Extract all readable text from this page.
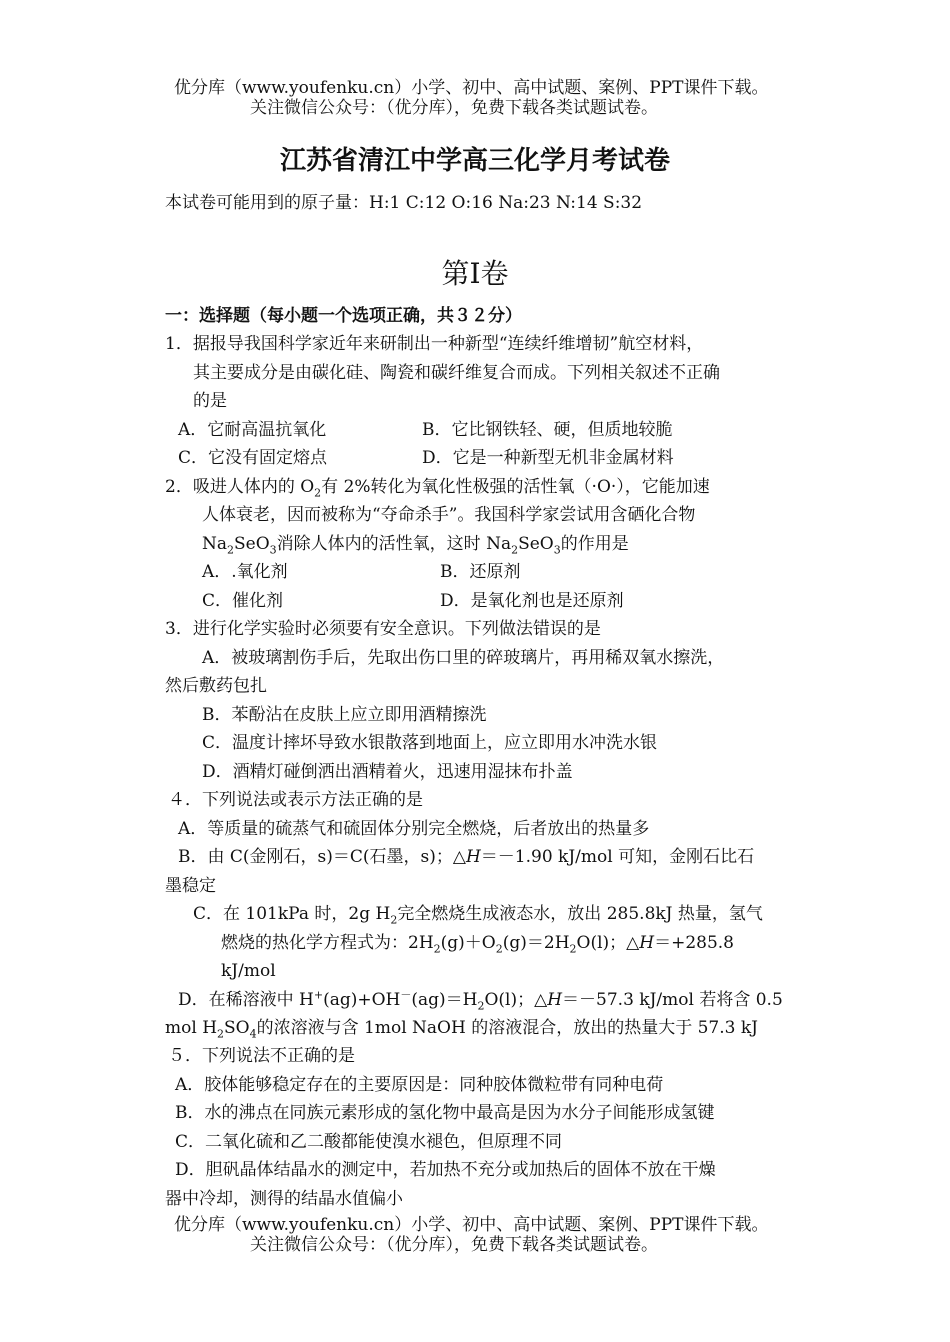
优分库（www.youfenku.cn）小学、初中、高中试题、案例、PPT课件下载。
关注微信公众号：（优分库），免费下载各类试题试卷。
江苏省清江中学高三化学月考试卷
本试卷可能用到的原子量：H:1 C:12 O:16 Na:23 N:14 S:32
第Ⅰ卷
一：选择题（每小题一个选项正确，共３２分）
1．据报导我国科学家近年来研制出一种新型“连续纤维增韧”航空材料，
其主要成分是由碳化硅、陶瓷和碳纤维复合而成。下列相关叙述不正确
的是
A．它耐高温抗氧化	B．它比钢铁轻、硬，但质地较脆
C．它没有固定熔点	D．它是一种新型无机非金属材料
2．吸进人体内的 $O_2$有 2%转化为氧化性极强的活性氧（·O·），它能加速
人体衰老，因而被称为“夺命杀手”。我国科学家尝试用含硒化合物
$Na_2SeO_3$消除人体内的活性氧，这时 $Na_2SeO_3$的作用是
A．.氧化剂	B．还原剂
C．催化剂	D．是氧化剂也是还原剂
3．进行化学实验时必须要有安全意识。下列做法错误的是
A．被玻璃割伤手后，先取出伤口里的碎玻璃片，再用稀双氧水擦洗，
然后敷药包扎
B．苯酚沾在皮肤上应立即用酒精擦洗
C．温度计摔坏导致水银散落到地面上，应立即用水冲洗水银
D．酒精灯碰倒洒出酒精着火，迅速用湿抹布扑盖
４．下列说法或表示方法正确的是
A．等质量的硫蒸气和硫固体分别完全燃烧，后者放出的热量多
B．由 C(金刚石，s)＝C(石墨，s)；△H＝－1.90 kJ/mol 可知，金刚石比石
墨稳定
C．在 101kPa 时，2g $H_2$完全燃烧生成液态水，放出 285.8kJ 热量，氢气
燃烧的热化学方程式为：$2H_2(g)+O_2(g)=2H_2O(l)$；△H＝+285.8
kJ/mol
D．在稀溶液中 $H^+(ag)+OH^-(ag)=H_2O(l)$；△H＝－57.3 kJ/mol 若将含 0.5
mol $H_2SO_4$的浓溶液与含 1mol NaOH 的溶液混合，放出的热量大于 57.3 kJ
５．下列说法不正确的是
A．胶体能够稳定存在的主要原因是：同种胶体微粒带有同种电荷
B．水的沸点在同族元素形成的氢化物中最高是因为水分子间能形成氢键
C．二氧化硫和乙二酸都能使溴水褪色，但原理不同
D．胆矾晶体结晶水的测定中，若加热不充分或加热后的固体不放在干燥
器中冷却，测得的结晶水值偏小
优分库（www.youfenku.cn）小学、初中、高中试题、案例、PPT课件下载。
关注微信公众号：（优分库），免费下载各类试题试卷。
